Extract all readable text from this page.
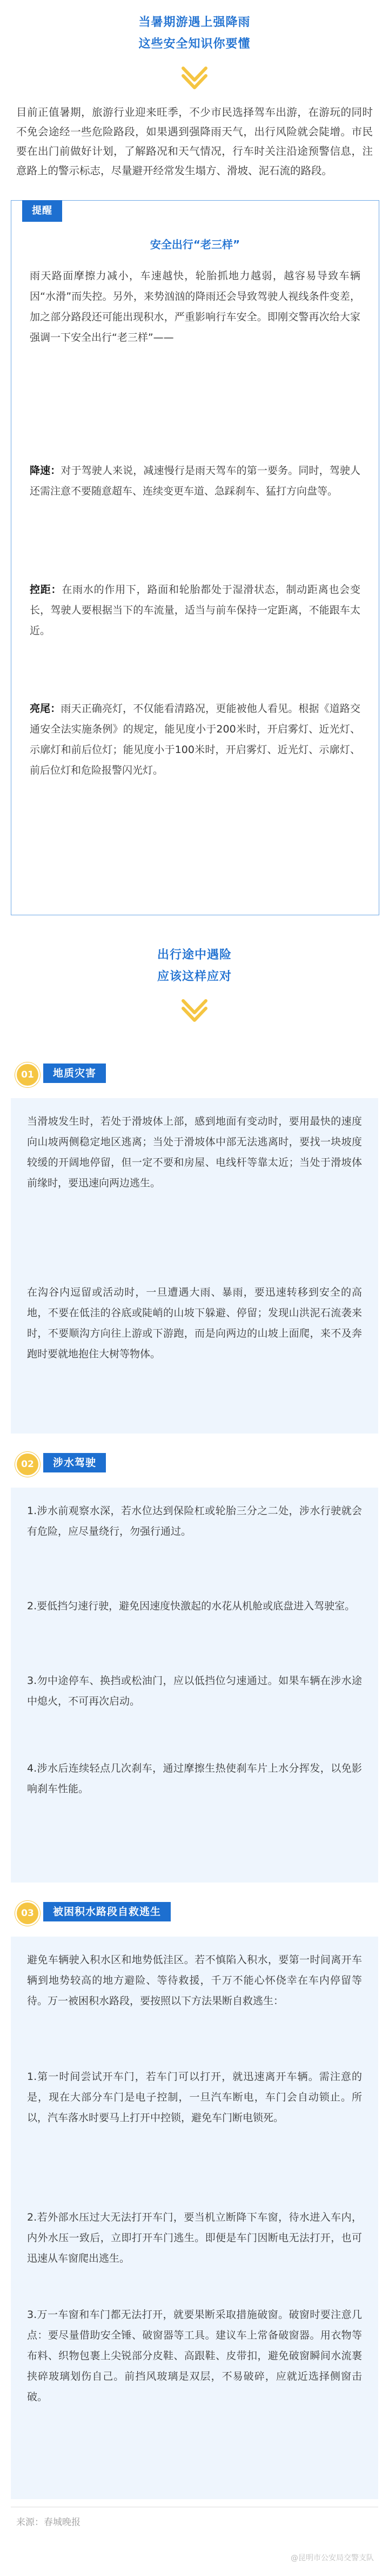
当暑期游遇上强降雨
这些安全知识你要懂
目前正值暑期，旅游行业迎来旺季，不少市民选择驾车出游，在游玩的同时不免会途经一些危险路段，如果遇到强降雨天气，出行风险就会陡增。市民要在出门前做好计划，了解路况和天气情况，行车时关注沿途预警信息，注意路上的警示标志，尽量避开经常发生塌方、滑坡、泥石流的路段。
提醒
安全出行“老三样”
雨天路面摩擦力减小，车速越快，轮胎抓地力越弱，越容易导致车辆因“水滑”而失控。另外，来势汹汹的降雨还会导致驾驶人视线条件变差，加之部分路段还可能出现积水，严重影响行车安全。即刚交警再次给大家强调一下安全出行“老三样”——
降速：对于驾驶人来说，减速慢行是雨天驾车的第一要务。同时，驾驶人还需注意不要随意超车、连续变更车道、急踩刹车、猛打方向盘等。
控距：在雨水的作用下，路面和轮胎都处于湿滑状态，制动距离也会变长，驾驶人要根据当下的车流量，适当与前车保持一定距离，不能跟车太近。
亮尾：雨天正确亮灯，不仅能看清路况，更能被他人看见。根据《道路交通安全法实施条例》的规定，能见度小于200米时，开启雾灯、近光灯、示廓灯和前后位灯；能见度小于100米时，开启雾灯、近光灯、示廓灯、前后位灯和危险报警闪光灯。
出行途中遇险
应该这样应对
01	地质灾害
当滑坡发生时，若处于滑坡体上部，感到地面有变动时，要用最快的速度向山坡两侧稳定地区逃离；当处于滑坡体中部无法逃离时，要找一块坡度较缓的开阔地停留，但一定不要和房屋、电线杆等靠太近；当处于滑坡体前缘时，要迅速向两边逃生。
在沟谷内逗留或活动时，一旦遭遇大雨、暴雨，要迅速转移到安全的高地，不要在低洼的谷底或陡峭的山坡下躲避、停留；发现山洪泥石流袭来时，不要顺沟方向往上游或下游跑，而是向两边的山坡上面爬，来不及奔跑时要就地抱住大树等物体。
02	涉水驾驶
1.涉水前观察水深，若水位达到保险杠或轮胎三分之二处，涉水行驶就会有危险，应尽量绕行，勿强行通过。
2.要低挡匀速行驶，避免因速度快激起的水花从机舱或底盘进入驾驶室。
3.勿中途停车、换挡或松油门，应以低挡位匀速通过。如果车辆在涉水途中熄火，不可再次启动。
4.涉水后连续轻点几次刹车，通过摩擦生热使刹车片上水分挥发，以免影响刹车性能。
03	被困积水路段自救逃生
避免车辆驶入积水区和地势低洼区。若不慎陷入积水，要第一时间离开车辆到地势较高的地方避险、等待救援，千万不能心怀侥幸在车内停留等待。万一被困积水路段，要按照以下方法果断自救逃生：
1.第一时间尝试开车门，若车门可以打开，就迅速离开车辆。需注意的是，现在大部分车门是电子控制，一旦汽车断电，车门会自动锁止。所以，汽车落水时要马上打开中控锁，避免车门断电锁死。
2.若外部水压过大无法打开车门，要当机立断降下车窗，待水进入车内，内外水压一致后，立即打开车门逃生。即便是车门因断电无法打开，也可迅速从车窗爬出逃生。
3.万一车窗和车门都无法打开，就要果断采取措施破窗。破窗时要注意几点：要尽量借助安全锤、破窗器等工具。建议车上常备破窗器。用衣物等布料、织物包裹上尖锐部分皮鞋、高跟鞋、皮带扣，避免破窗瞬间水流裹挟碎玻璃划伤自己。前挡风玻璃是双层，不易破碎，应就近选择侧窗击破。
来源：春城晚报
@昆明市公安局交警支队
